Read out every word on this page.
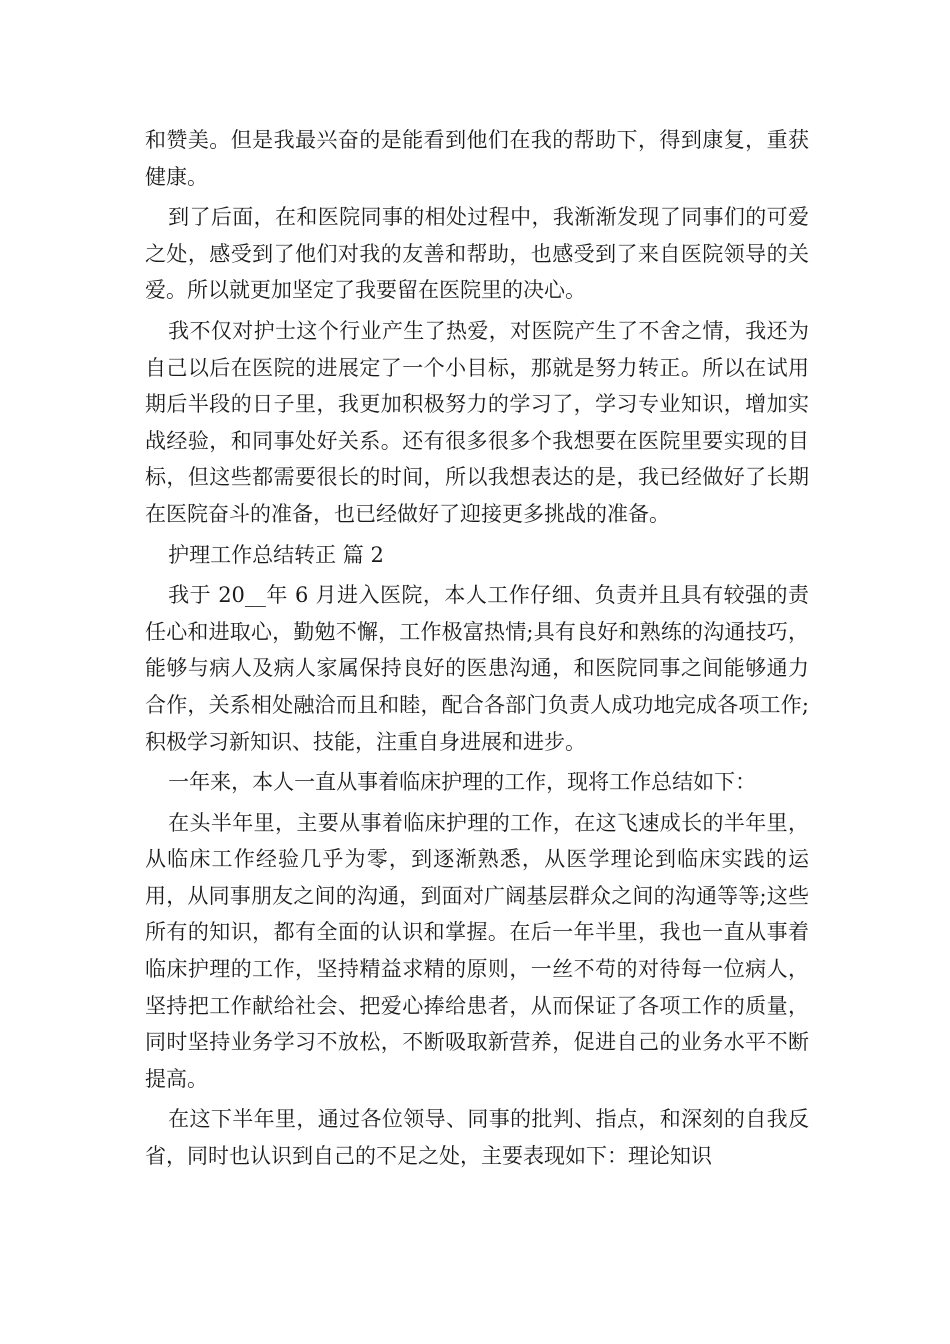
和赞美。但是我最兴奋的是能看到他们在我的帮助下，得到康复，重获健康。

到了后面，在和医院同事的相处过程中，我渐渐发现了同事们的可爱之处，感受到了他们对我的友善和帮助，也感受到了来自医院领导的关爱。所以就更加坚定了我要留在医院里的决心。

我不仅对护士这个行业产生了热爱，对医院产生了不舍之情，我还为自己以后在医院的进展定了一个小目标，那就是努力转正。所以在试用期后半段的日子里，我更加积极努力的学习了，学习专业知识，增加实战经验，和同事处好关系。还有很多很多个我想要在医院里要实现的目标，但这些都需要很长的时间，所以我想表达的是，我已经做好了长期在医院奋斗的准备，也已经做好了迎接更多挑战的准备。

护理工作总结转正 篇 2

我于 20__年 6 月进入医院，本人工作仔细、负责并且具有较强的责任心和进取心，勤勉不懈，工作极富热情;具有良好和熟练的沟通技巧，能够与病人及病人家属保持良好的医患沟通，和医院同事之间能够通力合作，关系相处融洽而且和睦，配合各部门负责人成功地完成各项工作;积极学习新知识、技能，注重自身进展和进步。

一年来，本人一直从事着临床护理的工作，现将工作总结如下：

在头半年里，主要从事着临床护理的工作，在这飞速成长的半年里，从临床工作经验几乎为零，到逐渐熟悉，从医学理论到临床实践的运用，从同事朋友之间的沟通，到面对广阔基层群众之间的沟通等等;这些所有的知识，都有全面的认识和掌握。在后一年半里，我也一直从事着临床护理的工作，坚持精益求精的原则，一丝不苟的对待每一位病人，坚持把工作献给社会、把爱心捧给患者，从而保证了各项工作的质量，同时坚持业务学习不放松，不断吸取新营养，促进自己的业务水平不断提高。

在这下半年里，通过各位领导、同事的批判、指点，和深刻的自我反省，同时也认识到自己的不足之处，主要表现如下：理论知识
